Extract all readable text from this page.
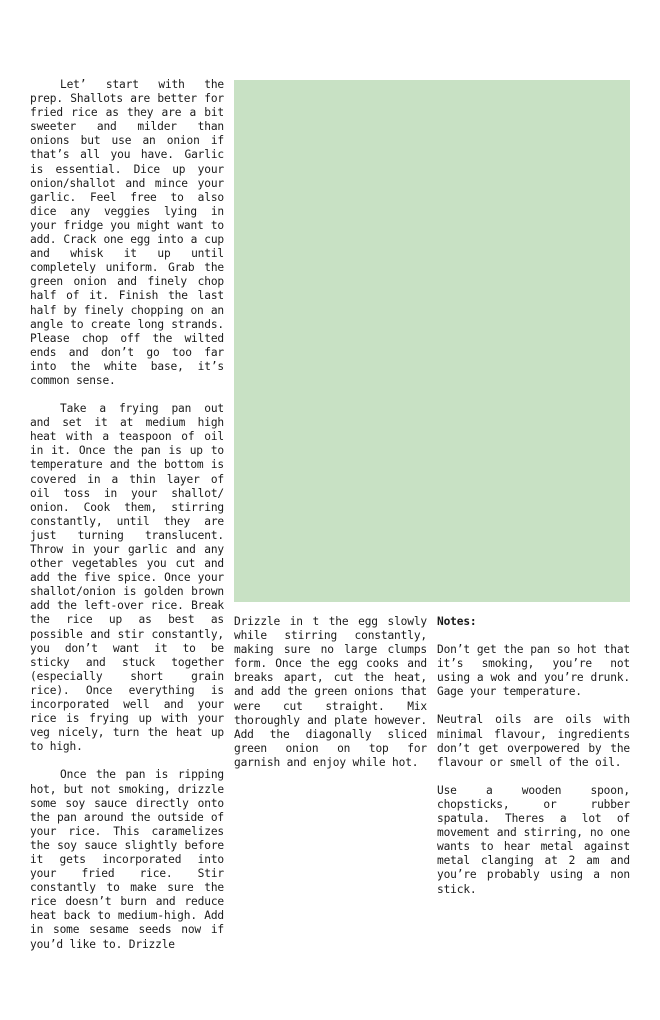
Let’ start with the prep. Shallots are better for fried rice as they are a bit sweeter and milder than onions but use an onion if that’s all you have. Garlic is essential. Dice up your onion/shallot and mince your garlic. Feel free to also dice any veggies lying in your fridge you might want to add. Crack one egg into a cup and whisk it up until completely uniform. Grab the green onion and finely chop half of it. Finish the last half by finely chopping on an angle to create long strands. Please chop off the wilted ends and don’t go too far into the white base, it’s common sense.

Take a frying pan out and set it at medium high heat with a teaspoon of oil in it. Once the pan is up to temperature and the bottom is covered in a thin layer of oil toss in your shallot/ onion. Cook them, stirring constantly, until they are just turning translucent. Throw in your garlic and any other vegetables you cut and add the five spice. Once your shallot/onion is golden brown add the left-over rice. Break the rice up as best as possible and stir constantly, you don’t want it to be sticky and stuck together (especially short grain rice). Once everything is incorporated well and your rice is frying up with your veg nicely, turn the heat up to high.

Once the pan is ripping hot, but not smoking, drizzle some soy sauce directly onto the pan around the outside of your rice. This caramelizes the soy sauce slightly before it gets incorporated into your fried rice. Stir constantly to make sure the rice doesn’t burn and reduce heat back to medium-high. Add in some sesame seeds now if you’d like to. Drizzle

Drizzle in t the egg slowly while stirring constantly, making sure no large clumps form. Once the egg cooks and breaks apart, cut the heat, and add the green onions that were cut straight. Mix thoroughly and plate however. Add the diagonally sliced green onion on top for garnish and enjoy while hot.

Notes:

Don’t get the pan so hot that it’s smoking, you’re not using a wok and you’re drunk. Gage your temperature.

Neutral oils are oils with minimal flavour, ingredients don’t get overpowered by the flavour or smell of the oil.

Use a wooden spoon, chopsticks, or rubber spatula. Theres a lot of movement and stirring, no one wants to hear metal against metal clanging at 2 am and you’re probably using a non stick.
